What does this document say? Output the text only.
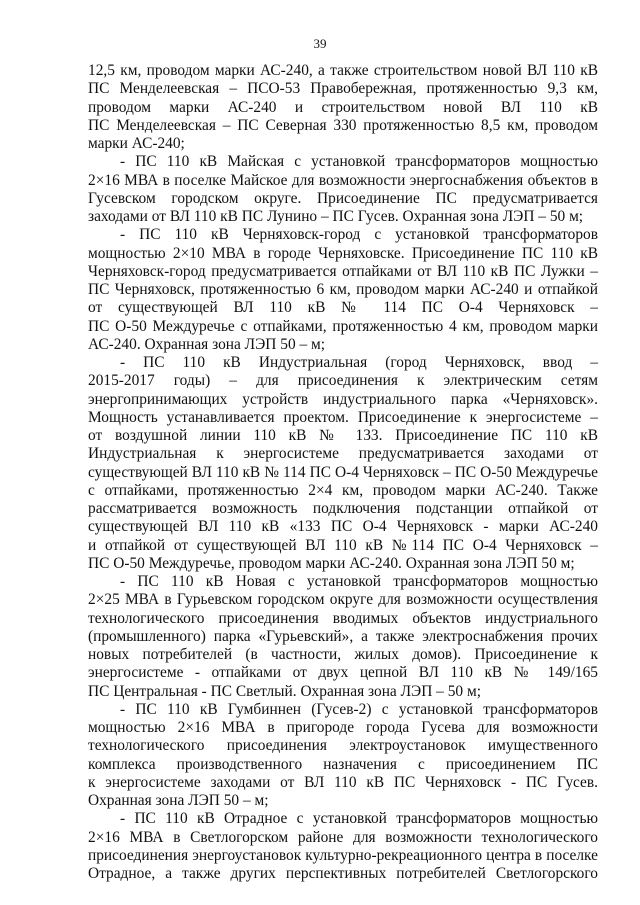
39
12,5 км, проводом марки АС-240, а также строительством новой ВЛ 110 кВ
ПС Менделеевская – ПСО-53 Правобережная, протяженностью 9,3 км,
проводом марки АС-240 и строительством новой ВЛ 110 кВ
ПС Менделеевская – ПС Северная 330 протяженностью 8,5 км, проводом
марки АС-240;
- ПС 110 кВ Майская с установкой трансформаторов мощностью
2×16 МВА в поселке Майское для возможности энергоснабжения объектов в
Гусевском городском округе. Присоединение ПС предусматривается
заходами от ВЛ 110 кВ ПС Лунино – ПС Гусев. Охранная зона ЛЭП – 50 м;
- ПС 110 кВ Черняховск-город с установкой трансформаторов
мощностью 2×10 МВА в городе Черняховске. Присоединение ПС 110 кВ
Черняховск-город предусматривается отпайками от ВЛ 110 кВ ПС Лужки –
ПС Черняховск, протяженностью 6 км, проводом марки АС-240 и отпайкой
от существующей ВЛ 110 кВ № 114 ПС О-4 Черняховск –
ПС О-50 Междуречье с отпайками, протяженностью 4 км, проводом марки
АС-240. Охранная зона ЛЭП 50 – м;
- ПС 110 кВ Индустриальная (город Черняховск, ввод –
2015-2017 годы) – для присоединения к электрическим сетям
энергопринимающих устройств индустриального парка «Черняховск».
Мощность устанавливается проектом. Присоединение к энергосистеме –
от воздушной линии 110 кВ № 133. Присоединение ПС 110 кВ
Индустриальная к энергосистеме предусматривается заходами от
существующей ВЛ 110 кВ № 114 ПС О-4 Черняховск – ПС О-50 Междуречье
с отпайками, протяженностью 2×4 км, проводом марки АС-240. Также
рассматривается возможность подключения подстанции отпайкой от
существующей ВЛ 110 кВ «133 ПС О-4 Черняховск - марки АС-240
и отпайкой от существующей ВЛ 110 кВ №114 ПС О-4 Черняховск –
ПС О-50 Междуречье, проводом марки АС-240. Охранная зона ЛЭП 50 м;
- ПС 110 кВ Новая с установкой трансформаторов мощностью
2×25 МВА в Гурьевском городском округе для возможности осуществления
технологического присоединения вводимых объектов индустриального
(промышленного) парка «Гурьевский», а также электроснабжения прочих
новых потребителей (в частности, жилых домов). Присоединение к
энергосистеме - отпайками от двух цепной ВЛ 110 кВ № 149/165
ПС Центральная - ПС Светлый. Охранная зона ЛЭП – 50 м;
- ПС 110 кВ Гумбиннен (Гусев-2) с установкой трансформаторов
мощностью 2×16 МВА в пригороде города Гусева для возможности
технологического присоединения электроустановок имущественного
комплекса производственного назначения с присоединением ПС
к энергосистеме заходами от ВЛ 110 кВ ПС Черняховск - ПС Гусев.
Охранная зона ЛЭП 50 – м;
- ПС 110 кВ Отрадное с установкой трансформаторов мощностью
2×16 МВА в Светлогорском районе для возможности технологического
присоединения энергоустановок культурно-рекреационного центра в поселке
Отрадное, а также других перспективных потребителей Светлогорского
